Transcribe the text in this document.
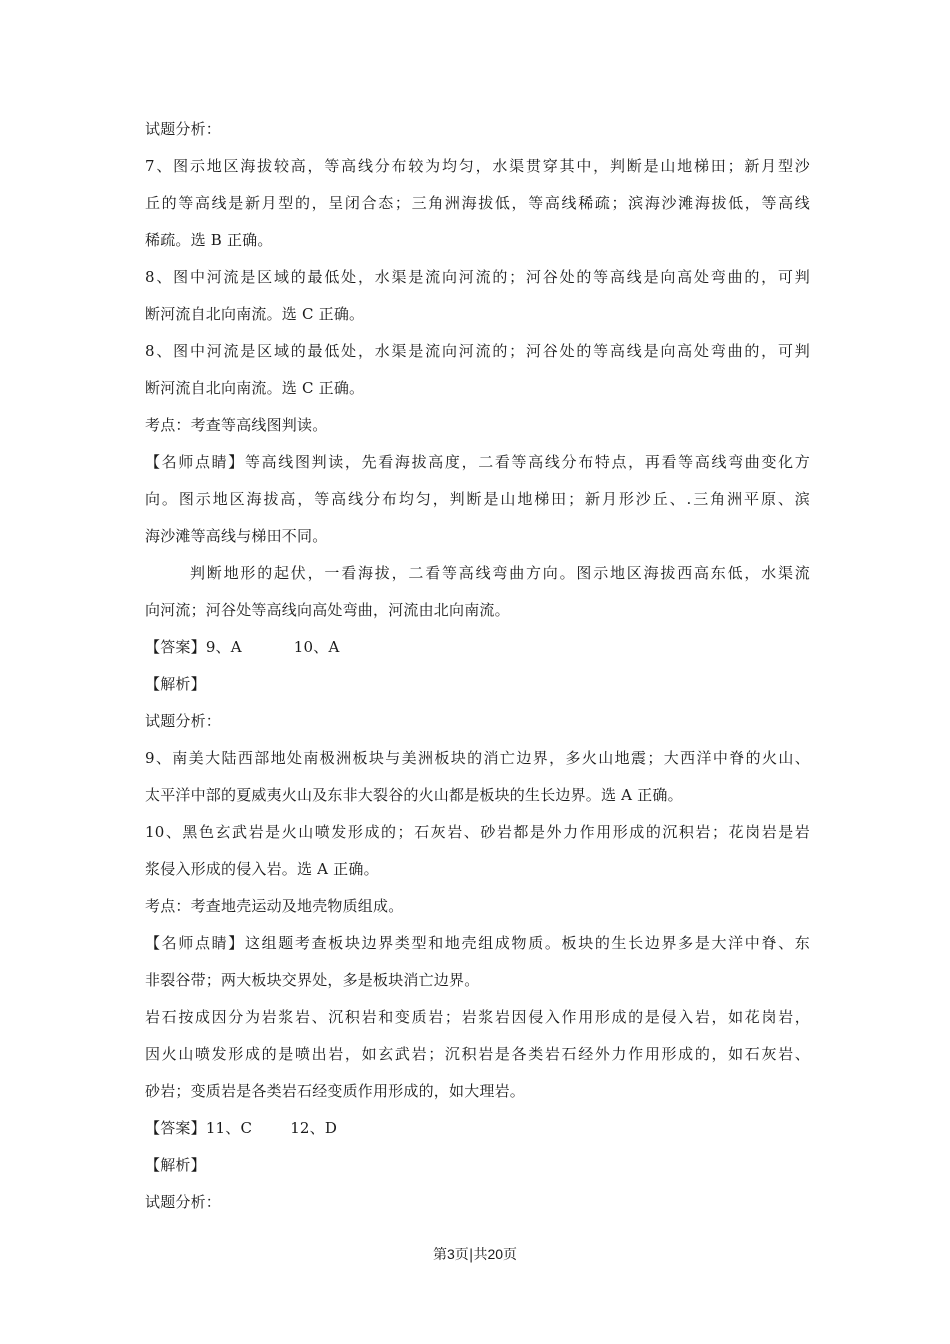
试题分析：
7、图示地区海拔较高，等高线分布较为均匀，水渠贯穿其中，判断是山地梯田；新月型沙
丘的等高线是新月型的，呈闭合态；三角洲海拔低，等高线稀疏；滨海沙滩海拔低，等高线
稀疏。选 B 正确。
8、图中河流是区域的最低处，水渠是流向河流的；河谷处的等高线是向高处弯曲的，可判
断河流自北向南流。选 C 正确。
8、图中河流是区域的最低处，水渠是流向河流的；河谷处的等高线是向高处弯曲的，可判
断河流自北向南流。选 C 正确。
考点：考查等高线图判读。
【名师点睛】等高线图判读，先看海拔高度，二看等高线分布特点，再看等高线弯曲变化方
向。图示地区海拔高，等高线分布均匀，判断是山地梯田；新月形沙丘、.三角洲平原、滨
海沙滩等高线与梯田不同。
判断地形的起伏，一看海拔，二看等高线弯曲方向。图示地区海拔西高东低，水渠流
向河流；河谷处等高线向高处弯曲，河流由北向南流。
【答案】9、A	10、A
【解析】
试题分析：
9、南美大陆西部地处南极洲板块与美洲板块的消亡边界，多火山地震；大西洋中脊的火山、
太平洋中部的夏威夷火山及东非大裂谷的火山都是板块的生长边界。选 A 正确。
10、黑色玄武岩是火山喷发形成的；石灰岩、砂岩都是外力作用形成的沉积岩；花岗岩是岩
浆侵入形成的侵入岩。选 A 正确。
考点：考查地壳运动及地壳物质组成。
【名师点睛】这组题考查板块边界类型和地壳组成物质。板块的生长边界多是大洋中脊、东
非裂谷带；两大板块交界处，多是板块消亡边界。
岩石按成因分为岩浆岩、沉积岩和变质岩；岩浆岩因侵入作用形成的是侵入岩，如花岗岩，
因火山喷发形成的是喷出岩，如玄武岩；沉积岩是各类岩石经外力作用形成的，如石灰岩、
砂岩；变质岩是各类岩石经变质作用形成的，如大理岩。
【答案】11、C	12、D
【解析】
试题分析：
第3页|共20页
